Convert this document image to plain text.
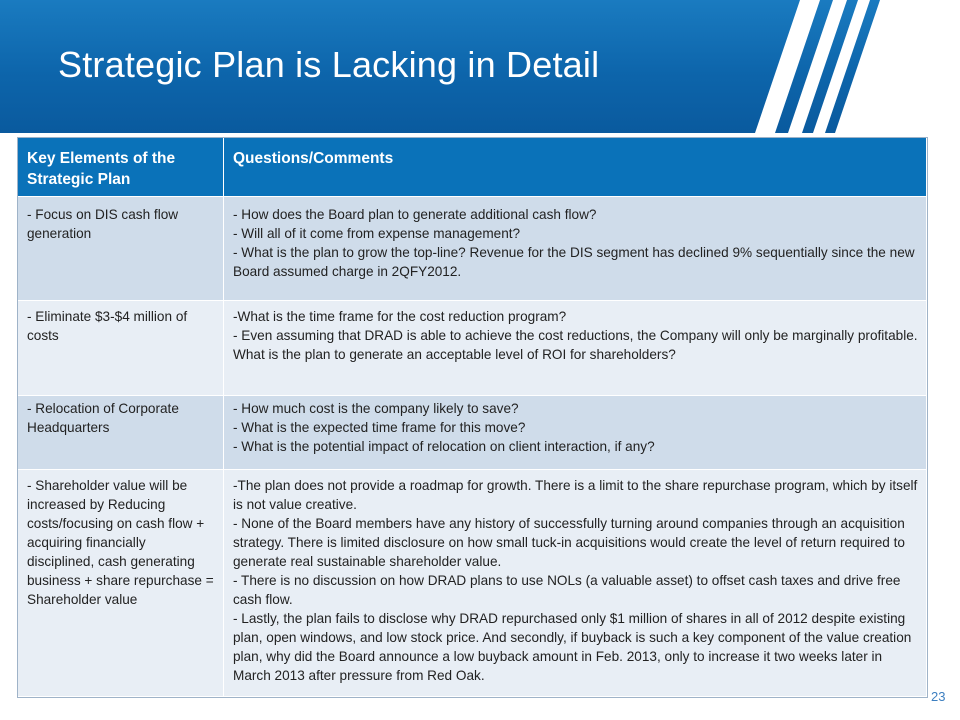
Strategic Plan is Lacking in Detail
Key Elements of the Strategic Plan	Questions/Comments
- Focus on DIS cash flow generation	- How does the Board plan to generate additional cash flow?
- Will all of it come from expense management?
- What is the plan to grow the top-line? Revenue for the DIS segment has declined 9% sequentially since the new Board assumed charge in 2QFY2012.

- Eliminate $3-$4 million of costs	-What is the time frame for the cost reduction program?
- Even assuming that DRAD is able to achieve the cost reductions, the Company will only be marginally profitable. What is the plan to generate an acceptable level of ROI for shareholders?

- Relocation of Corporate Headquarters	- How much cost is the company likely to save?
- What is the expected time frame for this move?
- What is the potential impact of relocation on client interaction, if any?

- Shareholder value will be increased by Reducing costs/focusing on cash flow + acquiring financially disciplined, cash generating business + share repurchase = Shareholder value	-The plan does not provide a roadmap for growth. There is a limit to the share repurchase program, which by itself is not value creative.
- None of the Board members have any history of successfully turning around companies through an acquisition strategy. There is limited disclosure on how small tuck-in acquisitions would create the level of return required to generate real sustainable shareholder value.
- There is no discussion on how DRAD plans to use NOLs (a valuable asset) to offset cash taxes and drive free cash flow.
- Lastly, the plan fails to disclose why DRAD repurchased only $1 million of shares in all of 2012 despite existing plan, open windows, and low stock price. And secondly, if buyback is such a key component of the value creation plan, why did the Board announce a low buyback amount in Feb. 2013, only to increase it two weeks later in March 2013 after pressure from Red Oak.
23
